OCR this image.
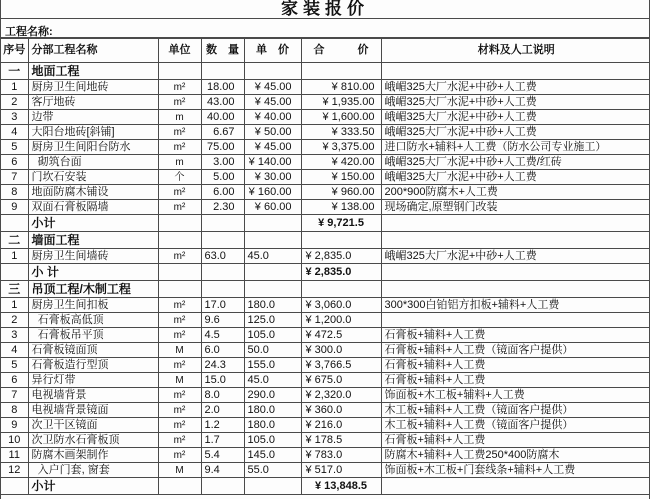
家装报价
工程名称:
序号	分部工程名称	单位	数　量	单　价	合　　　价	材料及人工说明
一	地面工程					
1	厨房卫生间地砖	m²	18.00	¥ 45.00	¥ 810.00	峨嵋325大厂水泥+中砂+人工费
2	客厅地砖	m²	43.00	¥ 45.00	¥ 1,935.00	峨嵋325大厂水泥+中砂+人工费
3	边带	m	40.00	¥ 40.00	¥ 1,600.00	峨嵋325大厂水泥+中砂+人工费
4	大阳台地砖[斜铺]	m²	6.67	¥ 50.00	¥ 333.50	峨嵋325大厂水泥+中砂+人工费
5	厨房卫生间阳台防水	m²	75.00	¥ 45.00	¥ 3,375.00	进口防水+辅料+人工费（防水公司专业施工）
6	砌筑台面	m	3.00	¥ 140.00	¥ 420.00	峨嵋325大厂水泥+中砂+人工费/红砖
7	门坎石安装	个	5.00	¥ 30.00	¥ 150.00	峨嵋325大厂水泥+中砂+人工费
8	地面防腐木铺设	m²	6.00	¥ 160.00	¥ 960.00	200*900防腐木+人工费
9	双面石膏板隔墙	m²	2.30	¥ 60.00	¥ 138.00	现场确定,原塑钢门改装
	小计				¥ 9,721.5	
二	墙面工程					
1	厨房卫生间墙砖	m²	63.0	45.0	¥ 2,835.0	峨嵋325大厂水泥+中砂+人工费
	小 计				¥ 2,835.0	
三	吊顶工程/木制工程					
1	厨房卫生间扣板	m²	17.0	180.0	¥ 3,060.0	300*300白铂铝方扣板+辅料+人工费
2	石膏板高低顶	m²	9.6	125.0	¥ 1,200.0	
3	石膏板吊平顶	m²	4.5	105.0	¥ 472.5	石膏板+辅料+人工费
4	石膏板镜面顶	M	6.0	50.0	¥ 300.0	石膏板+辅料+人工费（镜面客户提供）
5	石膏板造行型顶	m²	24.3	155.0	¥ 3,766.5	石膏板+辅料+人工费
6	异行灯带	M	15.0	45.0	¥ 675.0	石膏板+辅料+人工费
7	电视墙背景	m²	8.0	290.0	¥ 2,320.0	饰面板+木工板+辅料+人工费
8	电视墙背景镜面	m²	2.0	180.0	¥ 360.0	木工板+辅料+人工费（镜面客户提供）
9	次卫干区镜面	m²	1.2	180.0	¥ 216.0	木工板+辅料+人工费（镜面客户提供）
10	次卫防水石膏板顶	m²	1.7	105.0	¥ 178.5	石膏板+辅料+人工费
11	防腐木画架制作	m²	5.4	145.0	¥ 783.0	防腐木+辅料+人工费250*400防腐木
12	入户门套, 窗套	M	9.4	55.0	¥ 517.0	饰面板+木工板+门套线条+辅料+人工费
	小计				¥ 13,848.5	
